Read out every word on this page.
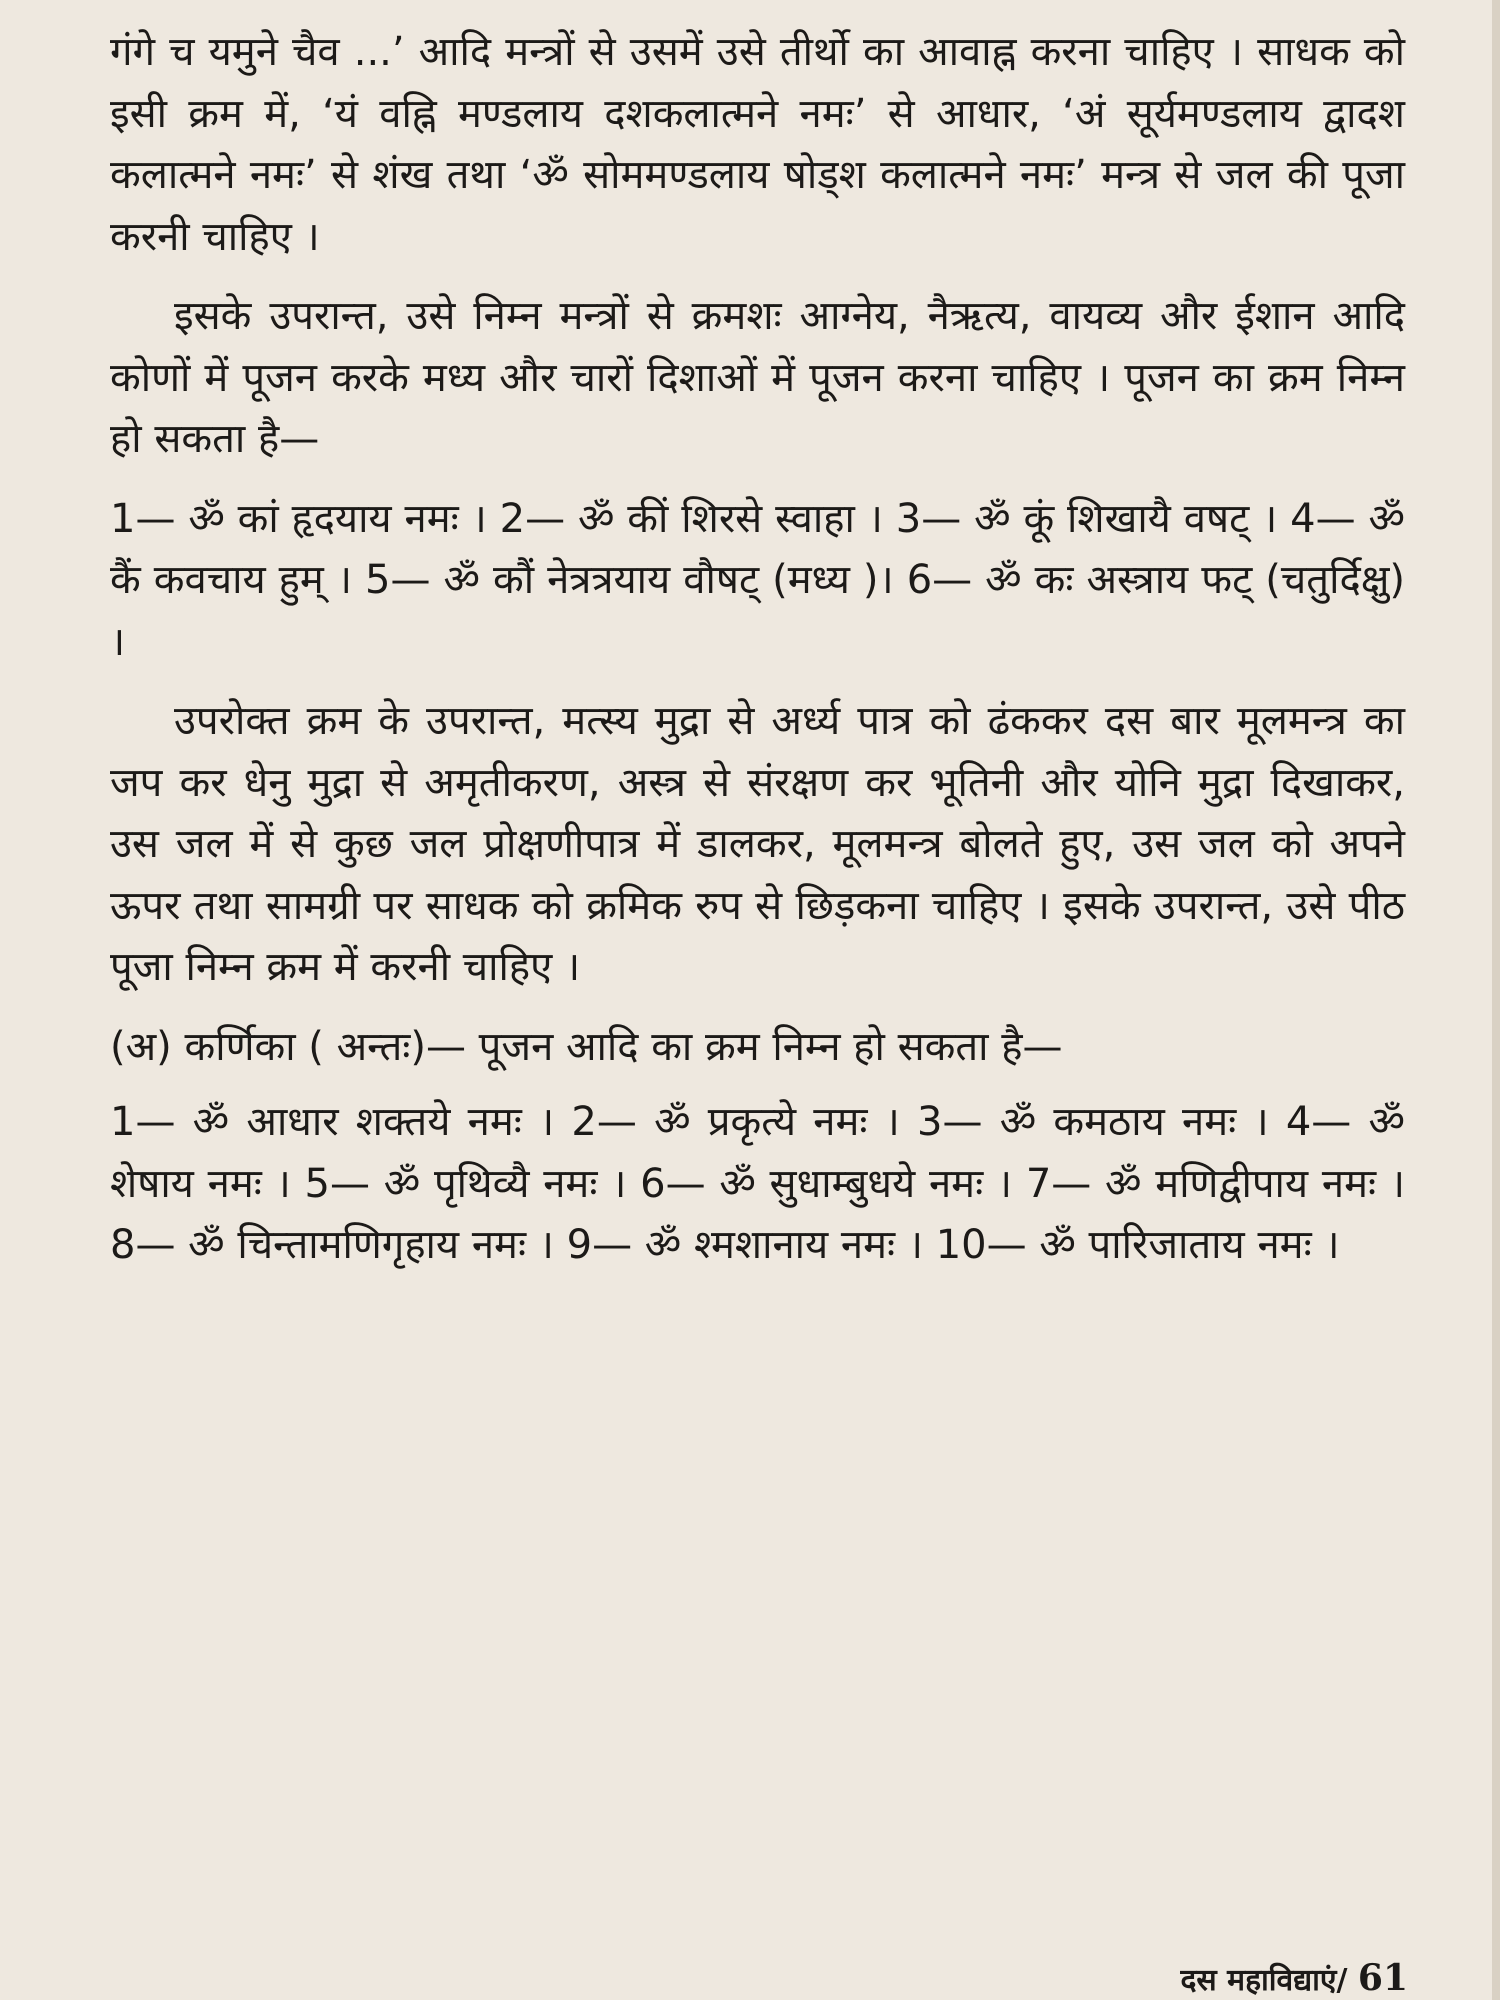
गंगे च यमुने चैव ...’ आदि मन्त्रों से उसमें उसे तीर्थो का आवाह्न करना चाहिए । साधक को इसी क्रम में, ‘यं वह्नि मण्डलाय दशकलात्मने नमः’ से आधार, ‘अं सूर्यमण्डलाय द्वादश कलात्मने नमः’ से शंख तथा ‘ॐ सोममण्डलाय षोड्श कलात्मने नमः’ मन्त्र से जल की पूजा करनी चाहिए ।

इसके उपरान्त, उसे निम्न मन्त्रों से क्रमशः आग्नेय, नैऋत्य, वायव्य और ईशान आदि कोणों में पूजन करके मध्य और चारों दिशाओं में पूजन करना चाहिए । पूजन का क्रम निम्न हो सकता है—

1— ॐ कां हृदयाय नमः । 2— ॐ कीं शिरसे स्वाहा । 3— ॐ कूं शिखायै वषट् । 4— ॐ कैं कवचाय हुम् । 5— ॐ कौं नेत्रत्रयाय वौषट् (मध्य )। 6— ॐ कः अस्त्राय फट् (चतुर्दिक्षु) ।

उपरोक्त क्रम के उपरान्त, मत्स्य मुद्रा से अर्ध्य पात्र को ढंककर दस बार मूलमन्त्र का जप कर धेनु मुद्रा से अमृतीकरण, अस्त्र से संरक्षण कर भूतिनी और योनि मुद्रा दिखाकर, उस जल में से कुछ जल प्रोक्षणीपात्र में डालकर, मूलमन्त्र बोलते हुए, उस जल को अपने ऊपर तथा सामग्री पर साधक को क्रमिक रुप से छिड़कना चाहिए । इसके उपरान्त, उसे पीठ पूजा निम्न क्रम में करनी चाहिए ।

(अ) कर्णिका ( अन्तः)— पूजन आदि का क्रम निम्न हो सकता है—

1— ॐ आधार शक्तये नमः । 2— ॐ प्रकृत्ये नमः । 3— ॐ कमठाय नमः । 4— ॐ शेषाय नमः । 5— ॐ पृथिव्यै नमः । 6— ॐ सुधाम्बुधये नमः । 7— ॐ मणिद्वीपाय नमः । 8— ॐ चिन्तामणिगृहाय नमः । 9— ॐ श्मशानाय नमः । 10— ॐ पारिजाताय नमः ।

दस महाविद्याएं/ 61
